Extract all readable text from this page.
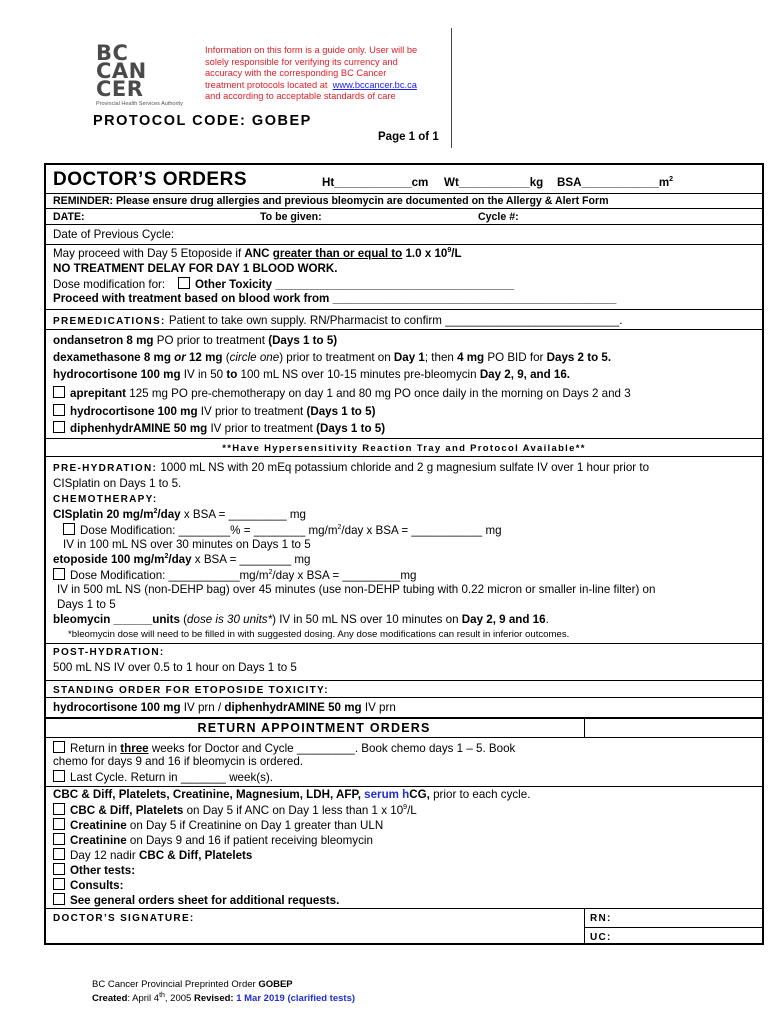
BC
CAN
CER
Provincial Health Services Authority
Information on this form is a guide only. User will be
solely responsible for verifying its currency and
accuracy with the corresponding BC Cancer
treatment protocols located at www.bccancer.bc.ca
and according to acceptable standards of care
PROTOCOL CODE: GOBEP
Page 1 of 1
DOCTOR’S ORDERS	Ht____________cm Wt___________kg $BSA\_\_\_\_\_\_\_\_\_\_\_\_m^2$
REMINDER: Please ensure drug allergies and previous bleomycin are documented on the Allergy & Alert Form
DATE:	To be given:	Cycle #:
Date of Previous Cycle:
May proceed with Day 5 Etoposide if ANC greater than or equal to 1.0 x $10^9/L$
NO TREATMENT DELAY FOR DAY 1 BLOOD WORK.
Dose modification for:	Other Toxicity _____________________________________
Proceed with treatment based on blood work from ____________________________________________
PREMEDICATIONS: Patient to take own supply. RN/Pharmacist to confirm ___________________________.
ondansetron 8 mg PO prior to treatment (Days 1 to 5)
dexamethasone 8 mg or 12 mg (circle one) prior to treatment on Day 1; then 4 mg PO BID for Days 2 to 5.
hydrocortisone 100 mg IV in 50 to 100 mL NS over 10-15 minutes pre-bleomycin Day 2, 9, and 16.
aprepitant 125 mg PO pre-chemotherapy on day 1 and 80 mg PO once daily in the morning on Days 2 and 3
hydrocortisone 100 mg IV prior to treatment (Days 1 to 5)
diphenhydrAMINE 50 mg IV prior to treatment (Days 1 to 5)
**Have Hypersensitivity Reaction Tray and Protocol Available**
PRE-HYDRATION: 1000 mL NS with 20 mEq potassium chloride and 2 g magnesium sulfate IV over 1 hour prior to
CISplatin on Days 1 to 5.
CHEMOTHERAPY:
CISplatin 20 $mg/m^2$/day x BSA = _________ mg
Dose Modification: ________% = ________ $mg/m^2$/day x BSA = ___________ mg
IV in 100 mL NS over 30 minutes on Days 1 to 5
etoposide 100 $mg/m^2$/day x BSA = ________ mg
Dose Modification: $\_\_\_\_\_\_\_\_\_\_\_mg/m^2$/day x BSA = _________mg
IV in 500 mL NS (non-DEHP bag) over 45 minutes (use non-DEHP tubing with 0.22 micron or smaller in-line filter) on
Days 1 to 5
bleomycin ______units (dose is 30 units*) IV in 50 mL NS over 10 minutes on Day 2, 9 and 16.
*bleomycin dose will need to be filled in with suggested dosing. Any dose modifications can result in inferior outcomes.
POST-HYDRATION:
500 mL NS IV over 0.5 to 1 hour on Days 1 to 5
STANDING ORDER FOR ETOPOSIDE TOXICITY:
hydrocortisone 100 mg IV prn / diphenhydrAMINE 50 mg IV prn
RETURN APPOINTMENT ORDERS
Return in three weeks for Doctor and Cycle _________. Book chemo days 1 – 5. Book
chemo for days 9 and 16 if bleomycin is ordered.
Last Cycle. Return in _______ week(s).
CBC & Diff, Platelets, Creatinine, Magnesium, LDH, AFP, serum hCG, prior to each cycle.
CBC & Diff, Platelets on Day 5 if ANC on Day 1 less than 1 x $10^9/L$
Creatinine on Day 5 if Creatinine on Day 1 greater than ULN
Creatinine on Days 9 and 16 if patient receiving bleomycin
Day 12 nadir CBC & Diff, Platelets
Other tests:
Consults:
See general orders sheet for additional requests.
DOCTOR’S SIGNATURE:	RN:
UC:
BC Cancer Provincial Preprinted Order GOBEP
Created: April 4th, 2005 Revised: 1 Mar 2019 (clarified tests)
